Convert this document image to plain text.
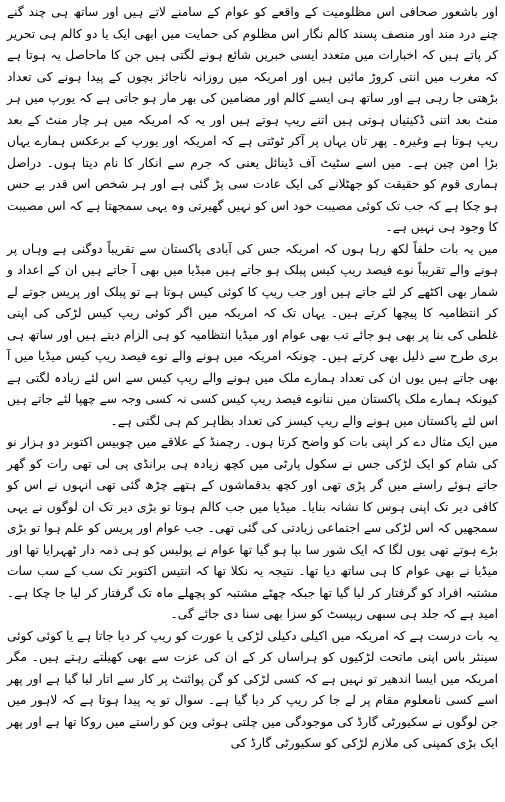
اور باشعور صحافی اس مظلومیت کے واقعے کو عوام کے سامنے لاتے ہیں اور ساتھ ہی چند گنے چنے درد مند اور منصف پسند کالم نگار اس مظلوم کی حمایت میں ابھی ایک یا دو کالم ہی تحریر کر پاتے ہیں کہ اخبارات میں متعدد ایسی خبریں شائع ہونے لگتی ہیں جن کا ماحاصل یہ ہوتا ہے کہ مغرب میں انتی کروڑ مائیں ہیں اور امریکہ میں روزانہ ناجائز بچوں کے پیدا ہونے کی تعداد بڑھتی جا رہی ہے اور ساتھ ہی ایسے کالم اور مضامین کی بھر مار ہو جاتی ہے کہ یورپ میں ہر منٹ بعد اتنی ڈکیتیاں ہوتی ہیں اتنے ریپ ہوتے ہیں اور یہ کہ امریکہ میں ہر چار منٹ کے بعد ریپ ہوتا ہے وغیرہ۔ پھر تان یہاں پر آکر ٹوٹتی ہے کہ امریکہ اور یورپ کے برعکس ہمارے یہاں بڑا امن چین ہے۔ میں اسے سٹیٹ آف ڈینائل یعنی کہ جرم سے انکار کا نام دیتا ہوں۔ دراصل ہماری قوم کو حقیقت کو جھٹلانے کی ایک عادت سی پڑ گئی ہے اور ہر شخص اس قدر بے حس ہو چکا ہے کہ جب تک کوئی مصیبت خود اس کو نہیں گھیرتی وہ یہی سمجھتا ہے کہ اس مصیبت کا وجود ہی نہیں ہے۔

میں یہ بات حلفاً لکھ رہا ہوں کہ امریکہ جس کی آبادی پاکستان سے تقریباً دوگنی ہے وہاں پر ہونے والے تقریباً نوے فیصد ریپ کیس پبلک ہو جاتے ہیں میڈیا میں بھی آ جاتے ہیں ان کے اعداد و شمار بھی اکٹھے کر لئے جاتے ہیں اور جب ریپ کا کوئی کیس ہوتا ہے تو پبلک اور پریس جوتے لے کر انتظامیہ کا پیچھا کرتے ہیں۔ یہاں تک کہ امریکہ میں اگر کوئی ریپ کیس لڑکی کی اپنی غلطی کی بنا پر بھی ہو جائے تب بھی عوام اور میڈیا انتظامیہ کو ہی الزام دیتے ہیں اور ساتھ ہی بری طرح سے ذلیل بھی کرتے ہیں۔ چونکہ امریکہ میں ہونے والے نوے فیصد ریپ کیس میڈیا میں آ بھی جاتے ہیں یوں ان کی تعداد ہمارے ملک میں ہونے والے ریپ کیس سے اس لئے زیادہ لگتی ہے کیونکہ ہمارے ملک پاکستان میں ننانوے فیصد ریپ کیس کسی نہ کسی وجہ سے چھپا لئے جاتے ہیں اس لئے پاکستان میں ہونے والے ریپ کیسز کی تعداد بظاہر کم ہی لگتی ہے۔

میں ایک مثال دے کر اپنی بات کو واضح کرتا ہوں۔ رچمنڈ کے علاقے میں چوبیس اکتوبر دو ہزار نو کی شام کو ایک لڑکی جس نے سکول پارٹی میں کچھ زیادہ ہی برانڈی پی لی تھی رات کو گھر جاتے ہوئے راستے میں گر پڑی تھی اور کچھ بدقماشوں کے ہتھے چڑھ گئی تھی انہوں نے اس کو کافی دیر تک اپنی ہوس کا نشانہ بنایا۔ میڈیا میں جب کالم ہوتا تو بڑی دیر تک ان لوگوں نے یہی سمجھیں کہ اس لڑکی سے اجتماعی زیادتی کی گئی تھی۔ جب عوام اور پریس کو علم ہوا تو بڑی بڑے ہوتے تھی یوں لگا کہ ایک شور سا بپا ہو گیا تھا عوام نے پولیس کو ہی ذمہ دار ٹھہرایا تھا اور میڈیا نے بھی عوام کا ہی ساتھ دیا تھا۔ نتیجہ یہ نکلا تھا کہ انتیس اکتوبر تک سب کے سب سات مشتبہ افراد کو گرفتار کر لیا گیا تھا جبکہ چھٹے مشتبہ کو پچھلے ماہ تک گرفتار کر لیا جا چکا ہے۔ امید ہے کہ جلد ہی سبھی ریپسٹ کو سزا بھی سنا دی جائے گی۔

یہ بات درست ہے کہ امریکہ میں اکیلی دکیلی لڑکی یا عورت کو ریپ کر دیا جاتا ہے یا کوئی کوئی سینئر باس اپنی ماتحت لڑکیوں کو ہراساں کر کے ان کی عزت سے بھی کھیلتے رہتے ہیں۔ مگر امریکہ میں ایسا اندھیر تو نہیں ہے کہ کسی لڑکی کو گن پوائنٹ پر کار سے اتار لیا گیا ہے اور پھر اسے کسی نامعلوم مقام پر لے جا کر ریپ کر دیا گیا ہے۔ سوال تو یہ پیدا ہوتا ہے کہ لاہور میں جن لوگوں نے سکیورٹی گارڈ کی موجودگی میں چلتی ہوئی وین کو راستے میں روکا تھا ہے اور پھر ایک بڑی کمپنی کی ملازم لڑکی کو سکیورٹی گارڈ کی
